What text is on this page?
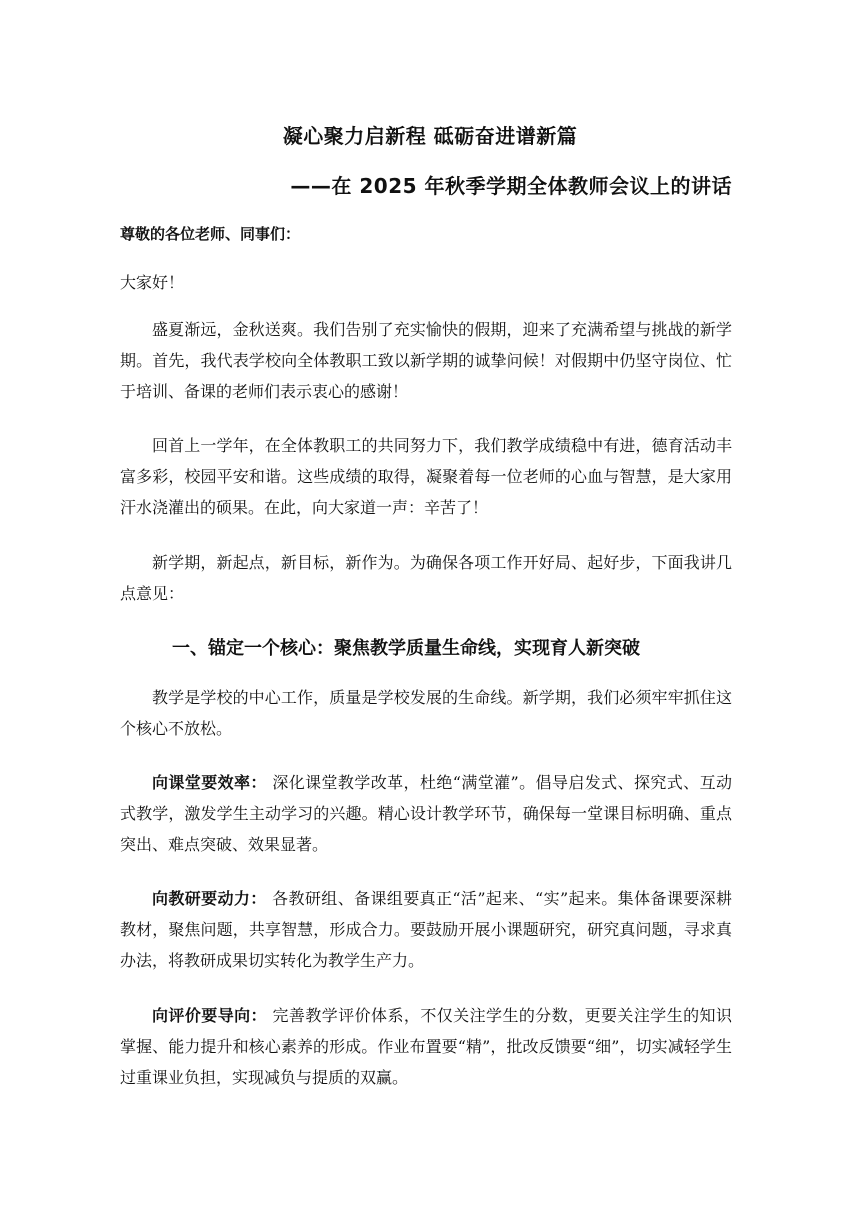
凝心聚力启新程 砥砺奋进谱新篇
——在 2025 年秋季学期全体教师会议上的讲话
尊敬的各位老师、同事们：
大家好！

盛夏渐远，金秋送爽。我们告别了充实愉快的假期，迎来了充满希望与挑战的新学期。首先，我代表学校向全体教职工致以新学期的诚挚问候！对假期中仍坚守岗位、忙于培训、备课的老师们表示衷心的感谢！

回首上一学年，在全体教职工的共同努力下，我们教学成绩稳中有进，德育活动丰富多彩，校园平安和谐。这些成绩的取得，凝聚着每一位老师的心血与智慧，是大家用汗水浇灌出的硕果。在此，向大家道一声：辛苦了！

新学期，新起点，新目标，新作为。为确保各项工作开好局、起好步，下面我讲几点意见：

一、锚定一个核心：聚焦教学质量生命线，实现育人新突破

教学是学校的中心工作，质量是学校发展的生命线。新学期，我们必须牢牢抓住这个核心不放松。

向课堂要效率： 深化课堂教学改革，杜绝“满堂灌”。倡导启发式、探究式、互动式教学，激发学生主动学习的兴趣。精心设计教学环节，确保每一堂课目标明确、重点突出、难点突破、效果显著。

向教研要动力： 各教研组、备课组要真正“活”起来、“实”起来。集体备课要深耕教材，聚焦问题，共享智慧，形成合力。要鼓励开展小课题研究，研究真问题，寻求真办法，将教研成果切实转化为教学生产力。

向评价要导向： 完善教学评价体系，不仅关注学生的分数，更要关注学生的知识掌握、能力提升和核心素养的形成。作业布置要“精”，批改反馈要“细”，切实减轻学生过重课业负担，实现减负与提质的双赢。
